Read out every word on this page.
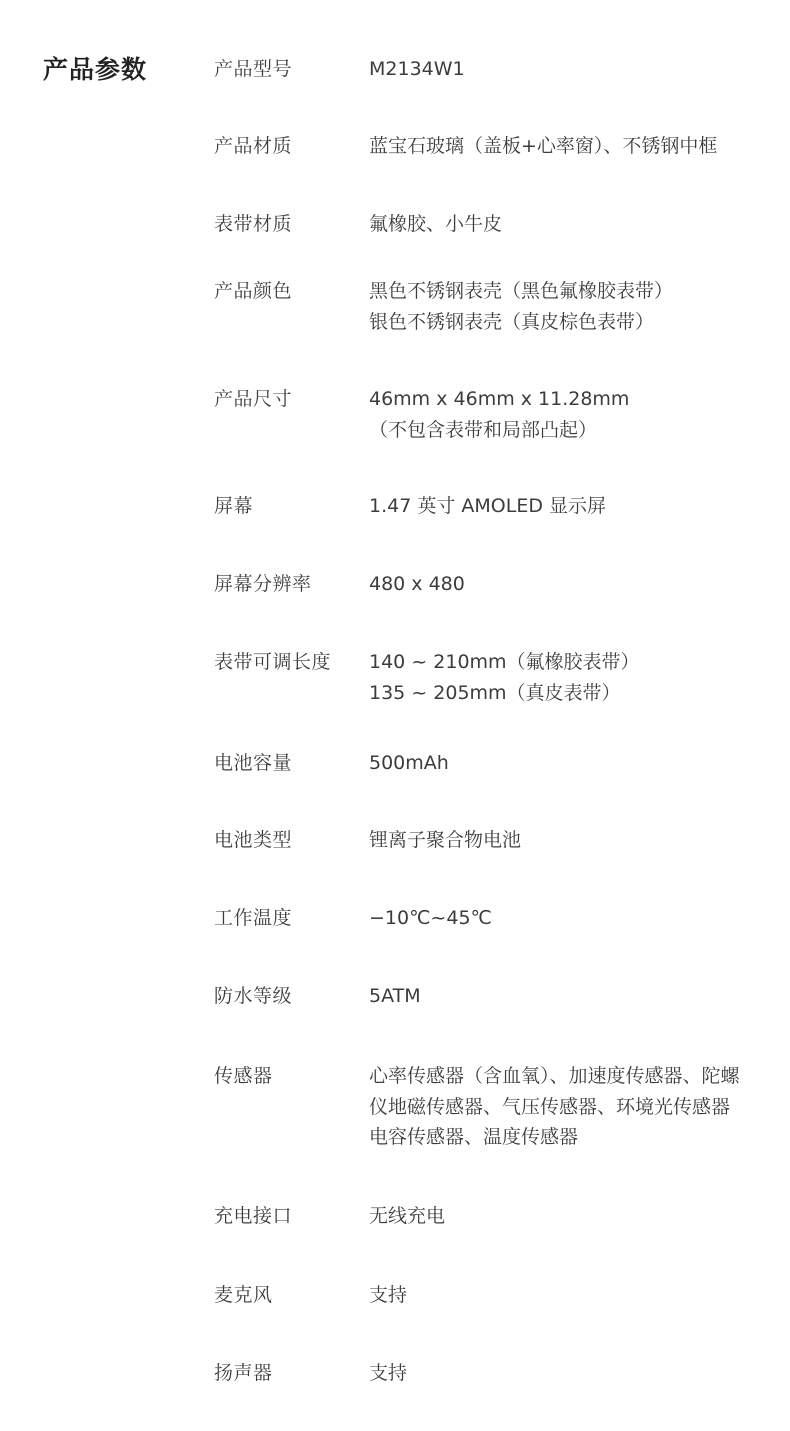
产品参数	产品型号	M2134W1
产品材质	蓝宝石玻璃（盖板+心率窗）、不锈钢中框
表带材质	氟橡胶、小牛皮
产品颜色	黑色不锈钢表壳（黑色氟橡胶表带）
银色不锈钢表壳（真皮棕色表带）
产品尺寸	46mm x 46mm x 11.28mm
（不包含表带和局部凸起）
屏幕	1.47 英寸 AMOLED 显示屏
屏幕分辨率	480 x 480
表带可调长度	140 ~ 210mm（氟橡胶表带）
135 ~ 205mm（真皮表带）
电池容量	500mAh
电池类型	锂离子聚合物电池
工作温度	−10℃~45℃
防水等级	5ATM
传感器	心率传感器（含血氧）、加速度传感器、陀螺
仪地磁传感器、气压传感器、环境光传感器
电容传感器、温度传感器
充电接口	无线充电
麦克风	支持
扬声器	支持
